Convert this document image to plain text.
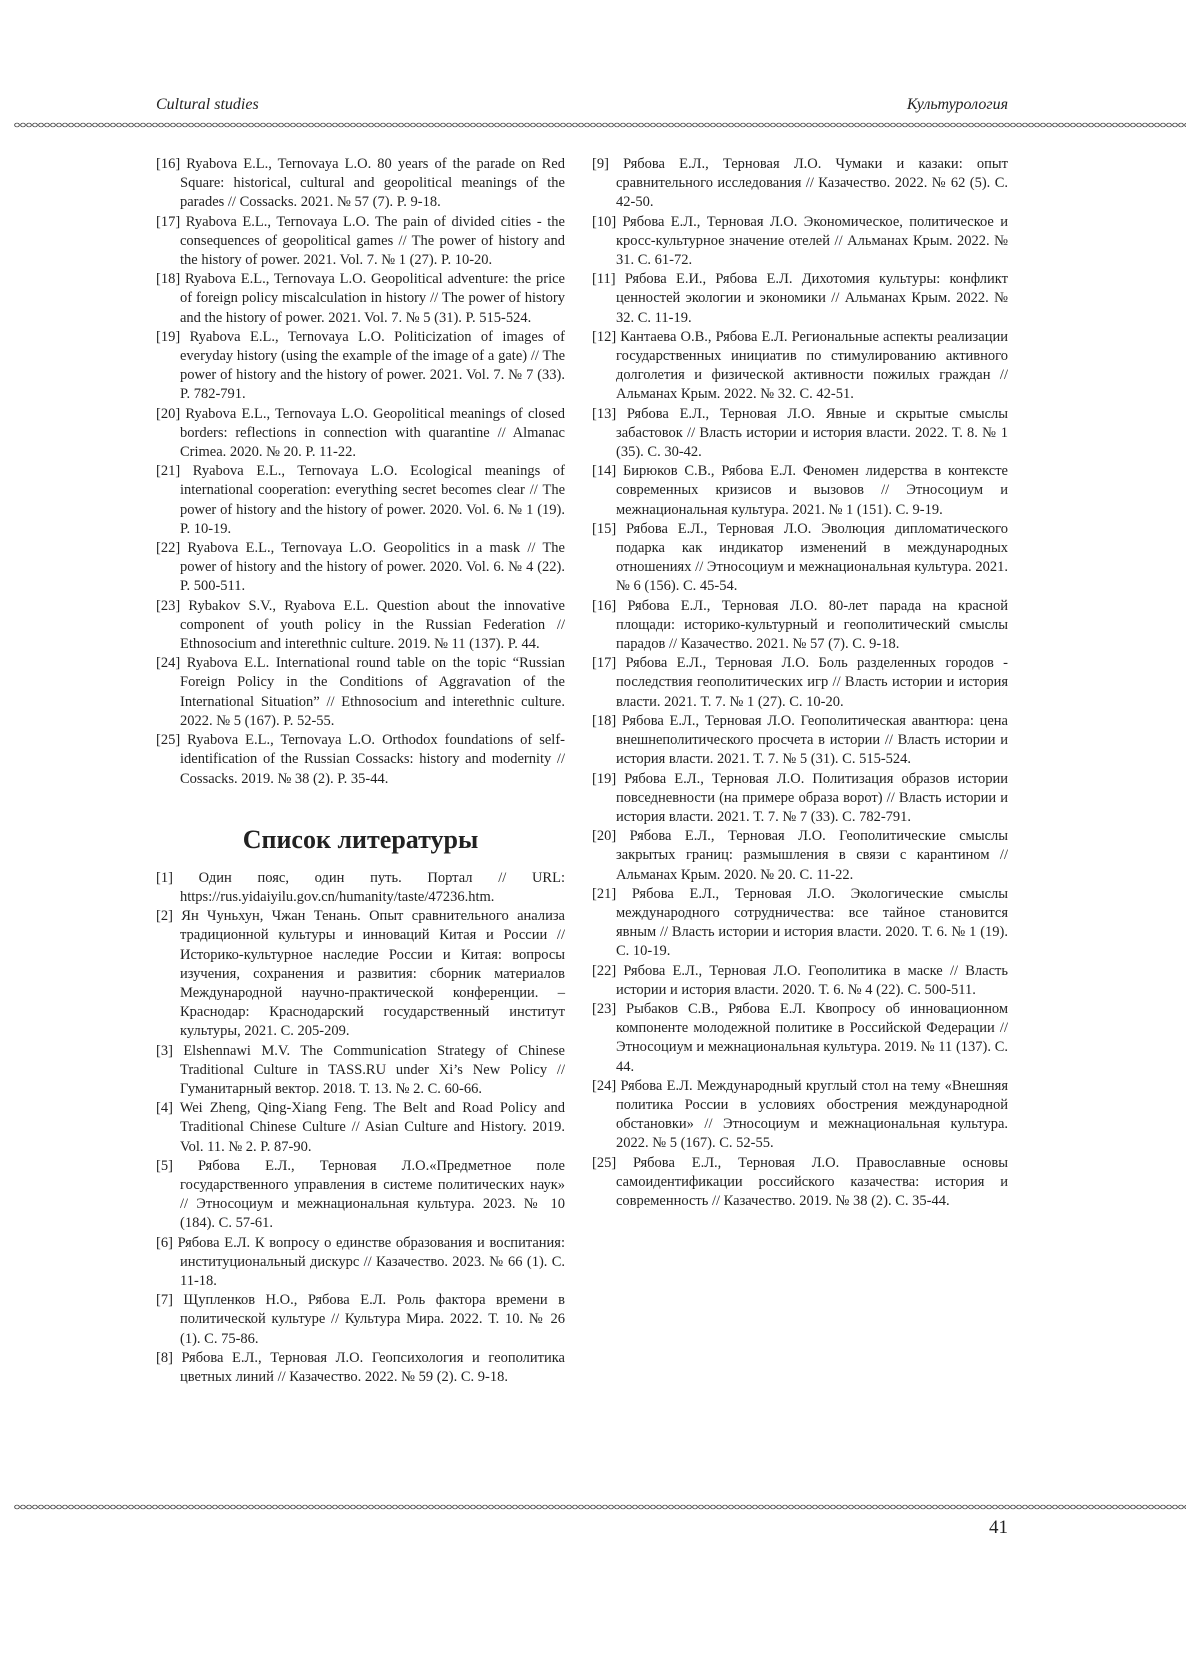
Cultural studies	Культурология

[16] Ryabova E.L., Ternovaya L.O. 80 years of the parade on Red Square: historical, cultural and geopolitical meanings of the parades // Cossacks. 2021. № 57 (7). P. 9-18.

[17] Ryabova E.L., Ternovaya L.O. The pain of divided cities - the consequences of geopolitical games // The power of history and the history of power. 2021. Vol. 7. № 1 (27). P. 10-20.

[18] Ryabova E.L., Ternovaya L.O. Geopolitical adventure: the price of foreign policy miscalculation in history // The power of history and the history of power. 2021. Vol. 7. № 5 (31). P. 515-524.

[19] Ryabova E.L., Ternovaya L.O. Politicization of images of everyday history (using the example of the image of a gate) // The power of history and the history of power. 2021. Vol. 7. № 7 (33). P. 782-791.

[20] Ryabova E.L., Ternovaya L.O. Geopolitical meanings of closed borders: reflections in connection with quarantine // Almanac Crimea. 2020. № 20. P. 11-22.

[21] Ryabova E.L., Ternovaya L.O. Ecological meanings of international cooperation: everything secret becomes clear // The power of history and the history of power. 2020. Vol. 6. № 1 (19). P. 10-19.

[22] Ryabova E.L., Ternovaya L.O. Geopolitics in a mask // The power of history and the history of power. 2020. Vol. 6. № 4 (22). P. 500-511.

[23] Rybakov S.V., Ryabova E.L. Question about the innovative component of youth policy in the Russian Federation // Ethnosocium and interethnic culture. 2019. № 11 (137). P. 44.

[24] Ryabova E.L. International round table on the topic “Russian Foreign Policy in the Conditions of Aggravation of the International Situation” // Ethnosocium and interethnic culture. 2022. № 5 (167). P. 52-55.

[25] Ryabova E.L., Ternovaya L.O. Orthodox foundations of self-identification of the Russian Cossacks: history and modernity // Cossacks. 2019. № 38 (2). P. 35-44.

Список литературы

[1] Один пояс, один путь. Портал // URL: https://rus.yidaiyilu.gov.cn/humanity/taste/47236.htm.

[2] Ян Чуньхун, Чжан Тенань. Опыт сравнительного анализа традиционной культуры и инноваций Китая и России // Историко-культурное наследие России и Китая: вопросы изучения, сохранения и развития: сборник материалов Международной научно-практической конференции. – Краснодар: Краснодарский государственный институт культуры, 2021. С. 205-209.

[3] Elshennawi M.V. The Communication Strategy of Chinese Traditional Culture in TASS.RU under Xi’s New Policy // Гуманитарный вектор. 2018. Т. 13. № 2. С. 60-66.

[4] Wei Zheng, Qing-Xiang Feng. The Belt and Road Policy and Traditional Chinese Culture // Asian Culture and History. 2019. Vol. 11. № 2. P. 87-90.

[5] Рябова Е.Л., Терновая Л.О.«Предметное поле государственного управления в системе политических наук» // Этносоциум и межнациональная культура. 2023. № 10 (184). С. 57-61.

[6] Рябова Е.Л. К вопросу о единстве образования и воспитания: институциональный дискурс // Казачество. 2023. № 66 (1). С. 11-18.

[7] Щупленков Н.О., Рябова Е.Л. Роль фактора времени в политической культуре // Культура Мира. 2022. Т. 10. № 26 (1). С. 75-86.

[8] Рябова Е.Л., Терновая Л.О. Геопсихология и геополитика цветных линий // Казачество. 2022. № 59 (2). С. 9-18.

[9] Рябова Е.Л., Терновая Л.О. Чумаки и казаки: опыт сравнительного исследования // Казачество. 2022. № 62 (5). С. 42-50.

[10] Рябова Е.Л., Терновая Л.О. Экономическое, политическое и кросс-культурное значение отелей // Альманах Крым. 2022. № 31. С. 61-72.

[11] Рябова Е.И., Рябова Е.Л. Дихотомия культуры: конфликт ценностей экологии и экономики // Альманах Крым. 2022. № 32. С. 11-19.

[12] Кантаева О.В., Рябова Е.Л. Региональные аспекты реализации государственных инициатив по стимулированию активного долголетия и физической активности пожилых граждан // Альманах Крым. 2022. № 32. С. 42-51.

[13] Рябова Е.Л., Терновая Л.О. Явные и скрытые смыслы забастовок // Власть истории и история власти. 2022. Т. 8. № 1 (35). С. 30-42.

[14] Бирюков С.В., Рябова Е.Л. Феномен лидерства в контексте современных кризисов и вызовов // Этносоциум и межнациональная культура. 2021. № 1 (151). С. 9-19.

[15] Рябова Е.Л., Терновая Л.О. Эволюция дипломатического подарка как индикатор изменений в международных отношениях // Этносоциум и межнациональная культура. 2021. № 6 (156). С. 45-54.

[16] Рябова Е.Л., Терновая Л.О. 80-лет парада на красной площади: историко-культурный и геополитический смыслы парадов // Казачество. 2021. № 57 (7). С. 9-18.

[17] Рябова Е.Л., Терновая Л.О. Боль разделенных городов - последствия геополитических игр // Власть истории и история власти. 2021. Т. 7. № 1 (27). С. 10-20.

[18] Рябова Е.Л., Терновая Л.О. Геополитическая авантюра: цена внешнеполитического просчета в истории // Власть истории и история власти. 2021. Т. 7. № 5 (31). С. 515-524.

[19] Рябова Е.Л., Терновая Л.О. Политизация образов истории повседневности (на примере образа ворот) // Власть истории и история власти. 2021. Т. 7. № 7 (33). С. 782-791.

[20] Рябова Е.Л., Терновая Л.О. Геополитические смыслы закрытых границ: размышления в связи с карантином // Альманах Крым. 2020. № 20. С. 11-22.

[21] Рябова Е.Л., Терновая Л.О. Экологические смыслы международного сотрудничества: все тайное становится явным // Власть истории и история власти. 2020. Т. 6. № 1 (19). С. 10-19.

[22] Рябова Е.Л., Терновая Л.О. Геополитика в маске // Власть истории и история власти. 2020. Т. 6. № 4 (22). С. 500-511.

[23] Рыбаков С.В., Рябова Е.Л. Квопросу об инновационном компоненте молодежной политике в Российской Федерации // Этносоциум и межнациональная культура. 2019. № 11 (137). С. 44.

[24] Рябова Е.Л. Международный круглый стол на тему «Внешняя политика России в условиях обострения международной обстановки» // Этносоциум и межнациональная культура. 2022. № 5 (167). С. 52-55.

[25] Рябова Е.Л., Терновая Л.О. Православные основы самоидентификации российского казачества: история и современность // Казачество. 2019. № 38 (2). С. 35-44.

41
